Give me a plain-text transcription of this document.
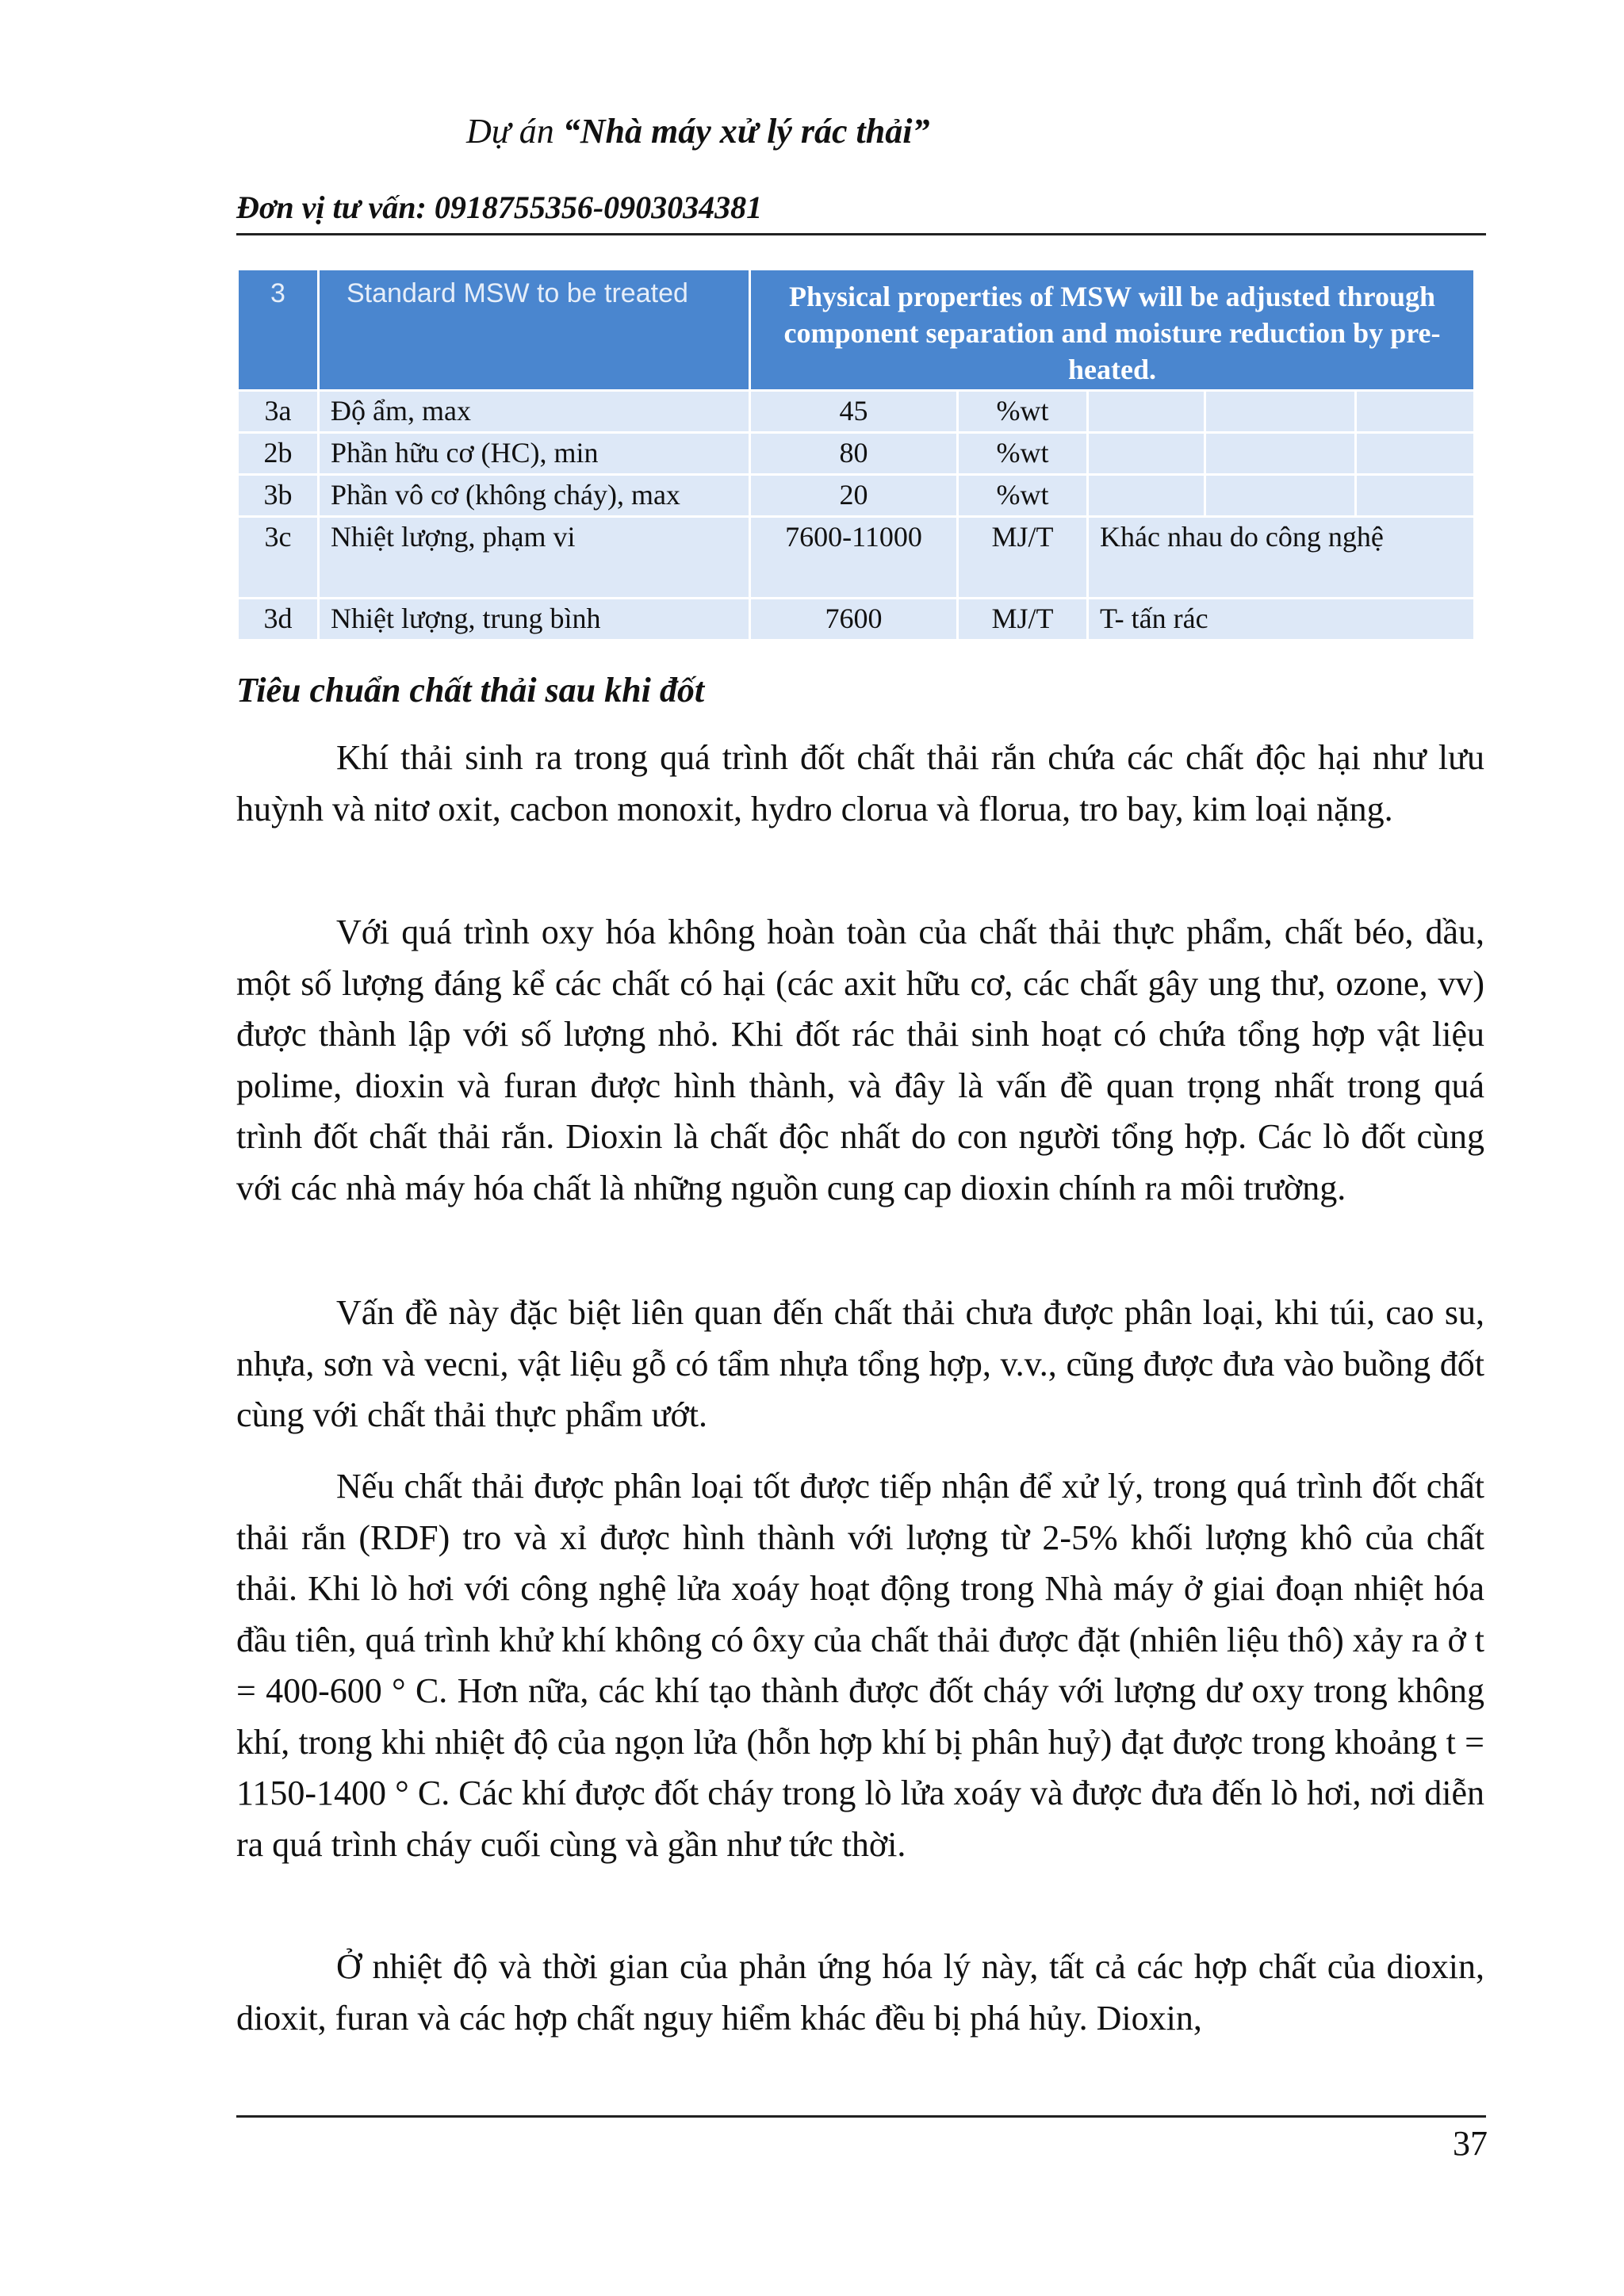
Dự án “Nhà máy xử lý rác thải”
Đơn vị tư vấn: 0918755356-0903034381
3	Standard MSW to be treated	Physical properties of MSW will be adjusted through component separation and moisture reduction by pre-heated.				
3a	Độ ẩm, max	45	%wt			
2b	Phần hữu cơ (HC), min	80	%wt			
3b	Phần vô cơ (không cháy), max	20	%wt			
3c	Nhiệt lượng, phạm vi	7600-11000	MJ/T	Khác nhau do công nghệ		
3d	Nhiệt lượng, trung bình	7600	MJ/T	T- tấn rác		
Tiêu chuẩn chất thải sau khi đốt

Khí thải sinh ra trong quá trình đốt chất thải rắn chứa các chất độc hại như lưu huỳnh và nitơ oxit, cacbon monoxit, hydro clorua và florua, tro bay, kim loại nặng.

Với quá trình oxy hóa không hoàn toàn của chất thải thực phẩm, chất béo, dầu, một số lượng đáng kể các chất có hại (các axit hữu cơ, các chất gây ung thư, ozone, vv) được thành lập với số lượng nhỏ. Khi đốt rác thải sinh hoạt có chứa tổng hợp vật liệu polime, dioxin và furan được hình thành, và đây là vấn đề quan trọng nhất trong quá trình đốt chất thải rắn. Dioxin là chất độc nhất do con người tổng hợp. Các lò đốt cùng với các nhà máy hóa chất là những nguồn cung cap dioxin chính ra môi trường.

Vấn đề này đặc biệt liên quan đến chất thải chưa được phân loại, khi túi, cao su, nhựa, sơn và vecni, vật liệu gỗ có tẩm nhựa tổng hợp, v.v., cũng được đưa vào buồng đốt cùng với chất thải thực phẩm ướt.

Nếu chất thải được phân loại tốt được tiếp nhận để xử lý, trong quá trình đốt chất thải rắn (RDF) tro và xỉ được hình thành với lượng từ 2-5% khối lượng khô của chất thải. Khi lò hơi với công nghệ lửa xoáy hoạt động trong Nhà máy ở giai đoạn nhiệt hóa đầu tiên, quá trình khử khí không có ôxy của chất thải được đặt (nhiên liệu thô) xảy ra ở t = 400-600 ° C. Hơn nữa, các khí tạo thành được đốt cháy với lượng dư oxy trong không khí, trong khi nhiệt độ của ngọn lửa (hỗn hợp khí bị phân huỷ) đạt được trong khoảng t = 1150-1400 ° C. Các khí được đốt cháy trong lò lửa xoáy và được đưa đến lò hơi, nơi diễn ra quá trình cháy cuối cùng và gần như tức thời.

Ở nhiệt độ và thời gian của phản ứng hóa lý này, tất cả các hợp chất của dioxin, dioxit, furan và các hợp chất nguy hiểm khác đều bị phá hủy. Dioxin,

37
